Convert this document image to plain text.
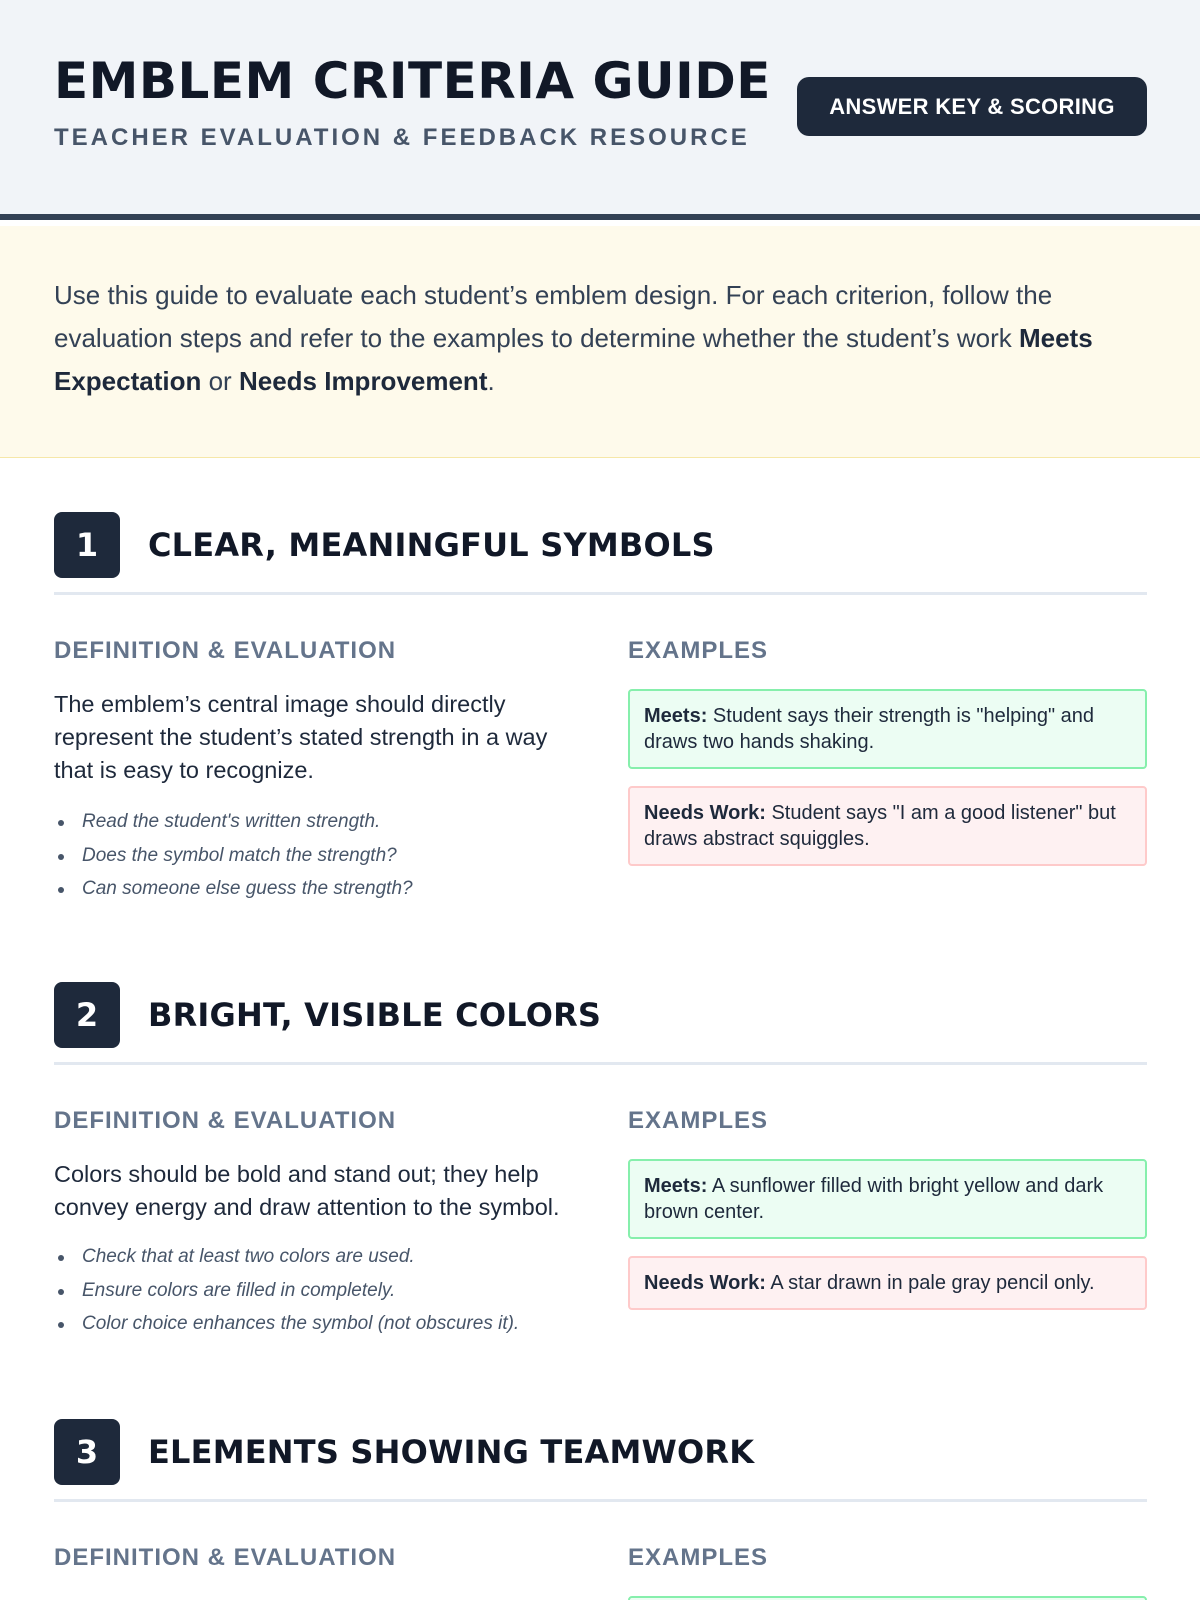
EMBLEM CRITERIA GUIDE
TEACHER EVALUATION & FEEDBACK RESOURCE
ANSWER KEY & SCORING

Use this guide to evaluate each student’s emblem design. For each criterion, follow the evaluation steps and refer to the examples to determine whether the student’s work Meets Expectation or Needs Improvement.

1	CLEAR, MEANINGFUL SYMBOLS
DEFINITION & EVALUATION	EXAMPLES

The emblem’s central image should directly represent the student’s stated strength in a way that is easy to recognize.

Read the student's written strength.
Does the symbol match the strength?
Can someone else guess the strength?
Meets: Student says their strength is "helping" and draws two hands shaking.
Needs Work: Student says "I am a good listener" but draws abstract squiggles.
2	BRIGHT, VISIBLE COLORS
DEFINITION & EVALUATION	EXAMPLES

Colors should be bold and stand out; they help convey energy and draw attention to the symbol.

Check that at least two colors are used.
Ensure colors are filled in completely.
Color choice enhances the symbol (not obscures it).
Meets: A sunflower filled with bright yellow and dark brown center.
Needs Work: A star drawn in pale gray pencil only.
3	ELEMENTS SHOWING TEAMWORK
DEFINITION & EVALUATION	EXAMPLES
